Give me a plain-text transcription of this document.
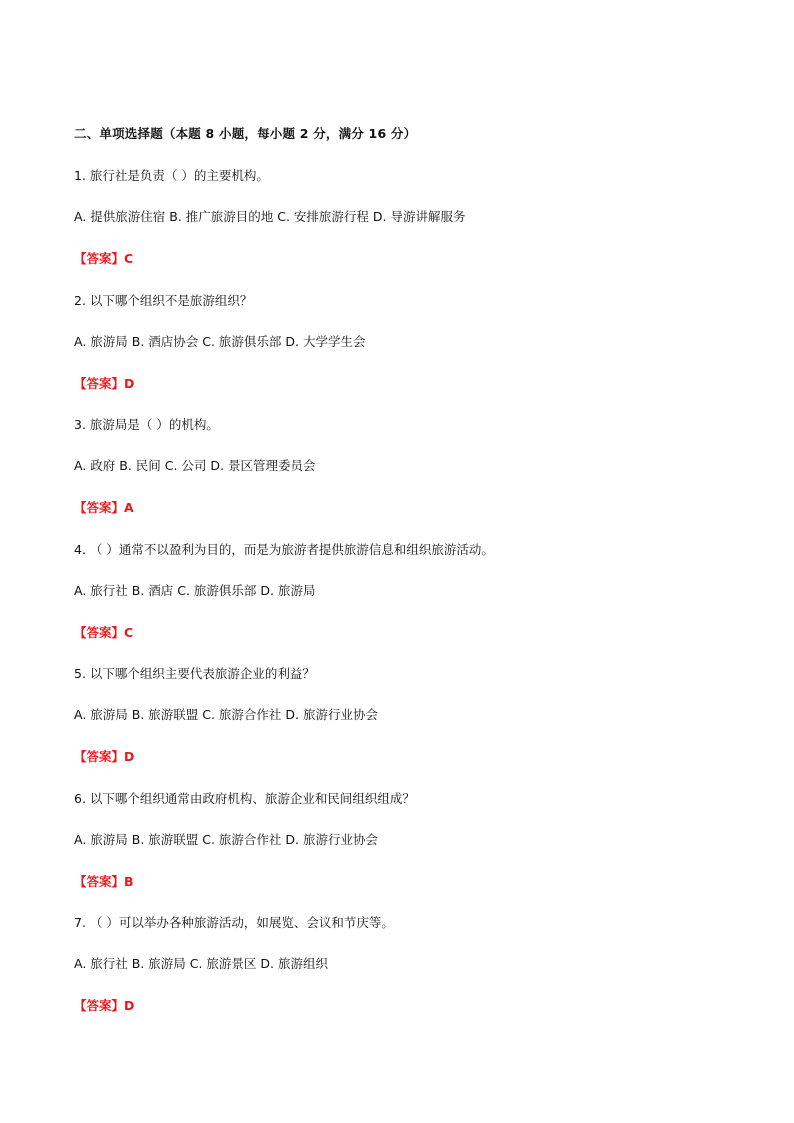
二、单项选择题（本题 8 小题，每小题 2 分，满分 16 分）
1. 旅行社是负责（ ）的主要机构。
A. 提供旅游住宿 B. 推广旅游目的地 C. 安排旅游行程 D. 导游讲解服务
【答案】C
2. 以下哪个组织不是旅游组织？
A. 旅游局 B. 酒店协会 C. 旅游俱乐部 D. 大学学生会
【答案】D
3. 旅游局是（ ）的机构。
A. 政府 B. 民间 C. 公司 D. 景区管理委员会
【答案】A
4. （ ）通常不以盈利为目的，而是为旅游者提供旅游信息和组织旅游活动。
A. 旅行社 B. 酒店 C. 旅游俱乐部 D. 旅游局
【答案】C
5. 以下哪个组织主要代表旅游企业的利益？
A. 旅游局 B. 旅游联盟 C. 旅游合作社 D. 旅游行业协会
【答案】D
6. 以下哪个组织通常由政府机构、旅游企业和民间组织组成？
A. 旅游局 B. 旅游联盟 C. 旅游合作社 D. 旅游行业协会
【答案】B
7. （ ）可以举办各种旅游活动，如展览、会议和节庆等。
A. 旅行社 B. 旅游局 C. 旅游景区 D. 旅游组织
【答案】D
